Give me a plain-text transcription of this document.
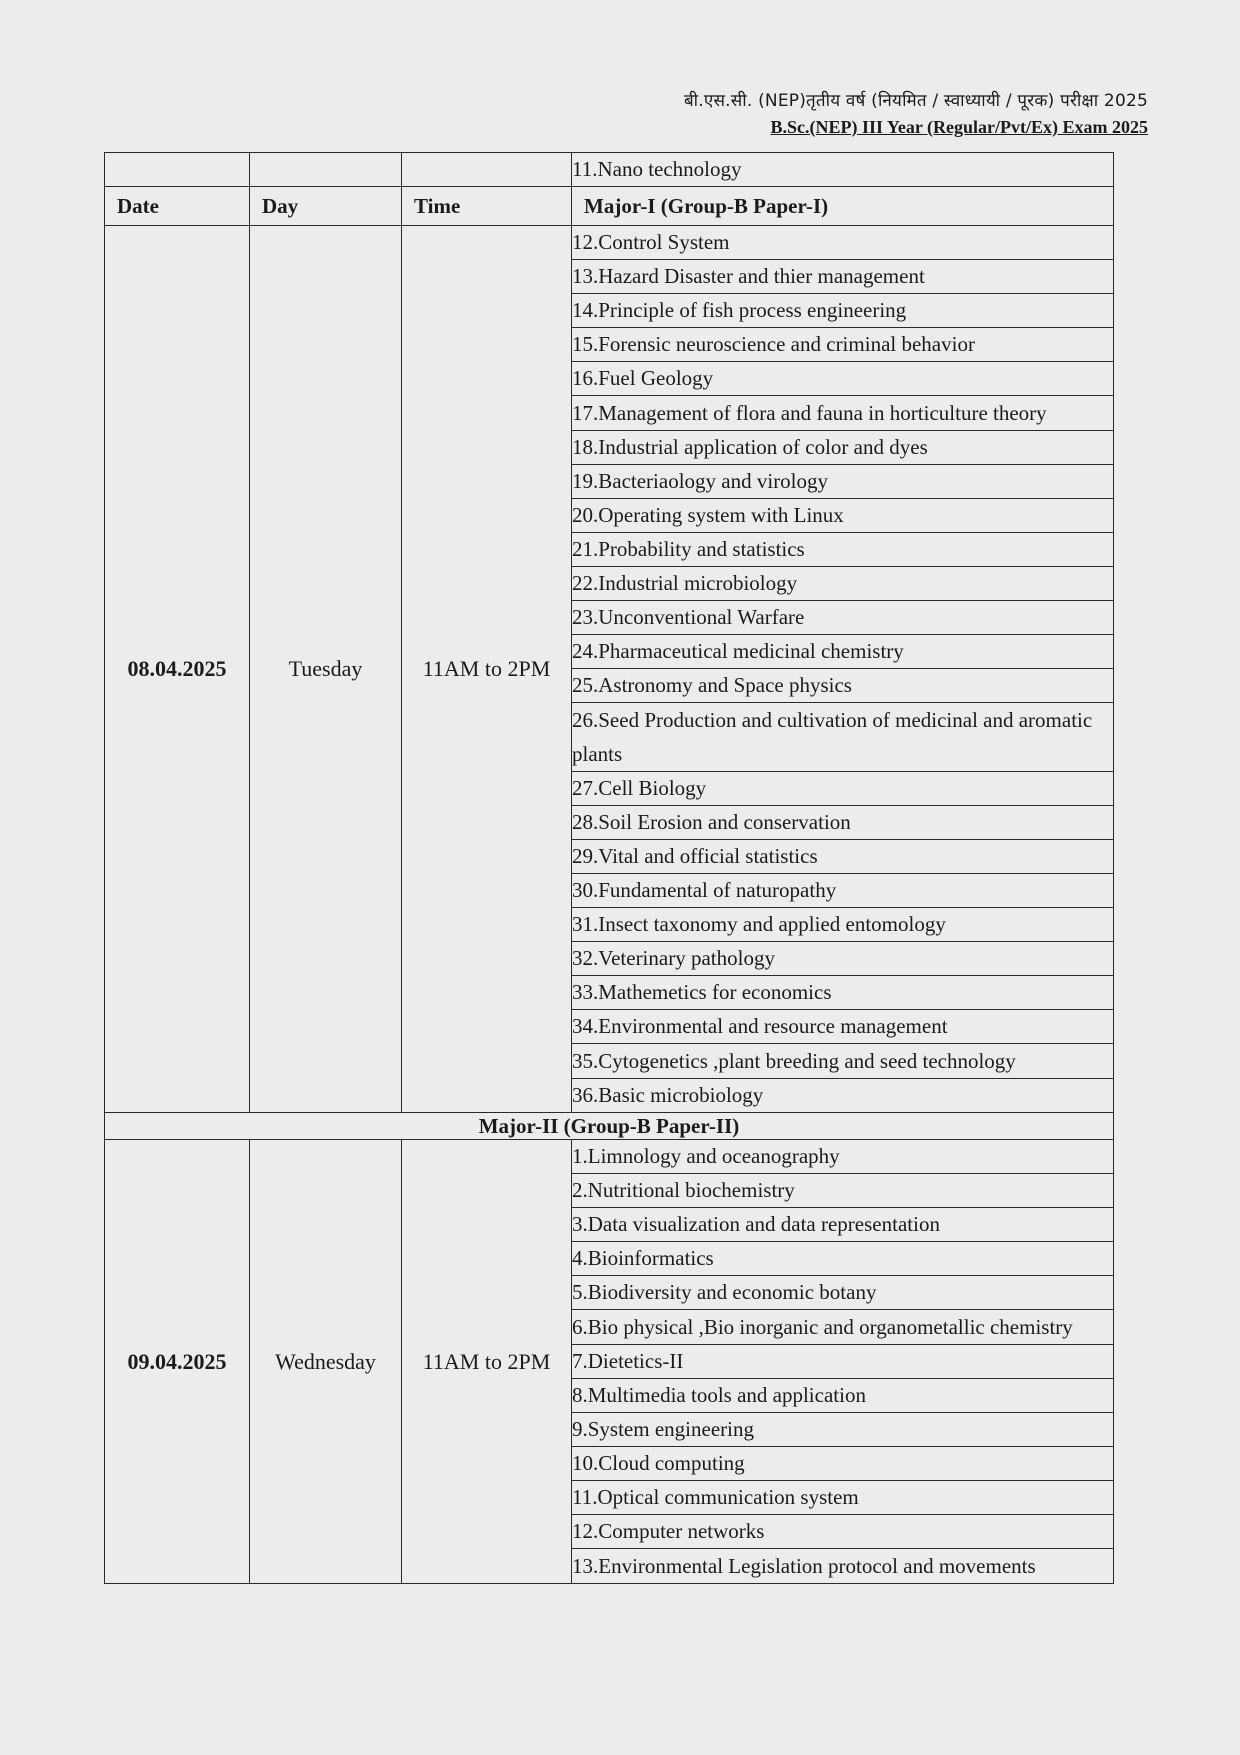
बी.एस.सी. (NEP)तृतीय वर्ष (नियमित / स्वाध्यायी / पूरक) परीक्षा 2025
B.Sc.(NEP) III Year (Regular/Pvt/Ex) Exam 2025
			11.Nano technology
Date	Day	Time	Major-I (Group-B Paper-I)
08.04.2025	Tuesday	11AM to 2PM	12.Control System
			13.Hazard Disaster and thier management
			14.Principle of fish process engineering
			15.Forensic neuroscience and criminal behavior
			16.Fuel Geology
			17.Management of flora and fauna in horticulture theory
			18.Industrial application of color and dyes
			19.Bacteriaology and virology
			20.Operating system with Linux
			21.Probability and statistics
			22.Industrial microbiology
			23.Unconventional Warfare
			24.Pharmaceutical medicinal chemistry
			25.Astronomy and Space physics
			26.Seed Production and cultivation of medicinal and aromatic plants
			27.Cell Biology
			28.Soil Erosion and conservation
			29.Vital and official statistics
			30.Fundamental of naturopathy
			31.Insect taxonomy and applied entomology
			32.Veterinary pathology
			33.Mathemetics for economics
			34.Environmental and resource management
			35.Cytogenetics ,plant breeding and seed technology
			36.Basic microbiology
Major-II (Group-B Paper-II)			
09.04.2025	Wednesday	11AM to 2PM	1.Limnology and oceanography
			2.Nutritional biochemistry
			3.Data visualization and data representation
			4.Bioinformatics
			5.Biodiversity and economic botany
			6.Bio physical ,Bio inorganic and organometallic chemistry
			7.Dietetics-II
			8.Multimedia tools and application
			9.System engineering
			10.Cloud computing
			11.Optical communication system
			12.Computer networks
			13.Environmental Legislation protocol and movements
